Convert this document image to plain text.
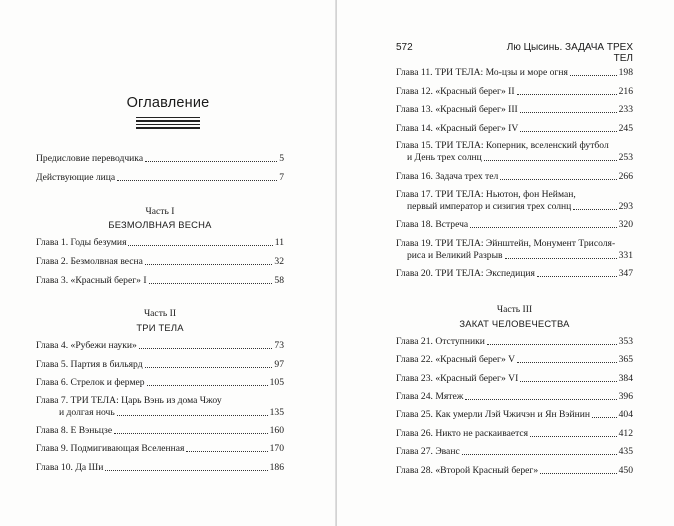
Оглавление
Предисловие переводчика	5
Действующие лица	7
Часть I
БЕЗМОЛВНАЯ ВЕСНА
Глава 1. Годы безумия	11
Глава 2. Безмолвная весна	32
Глава 3. «Красный берег» I	58
Часть II
ТРИ ТЕЛА
Глава 4. «Рубежи науки»	73
Глава 5. Партия в бильярд	97
Глава 6. Стрелок и фермер	105
Глава 7. ТРИ ТЕЛА: Царь Вэнь из дома Чжоу
и долгая ночь	135
Глава 8. Е Вэньцзе	160
Глава 9. Подмигивающая Вселенная	170
Глава 10. Да Ши	186
572	Лю Цысинь. ЗАДАЧА ТРЕХ ТЕЛ
Глава 11. ТРИ ТЕЛА: Мо-цзы и море огня	198
Глава 12. «Красный берег» II	216
Глава 13. «Красный берег» III	233
Глава 14. «Красный берег» IV	245
Глава 15. ТРИ ТЕЛА: Коперник, вселенский футбол
и День трех солнц	253
Глава 16. Задача трех тел	266
Глава 17. ТРИ ТЕЛА: Ньютон, фон Нейман,
первый император и сизигия трех солнц	293
Глава 18. Встреча	320
Глава 19. ТРИ ТЕЛА: Эйнштейн, Монумент Трисоля-
риса и Великий Разрыв	331
Глава 20. ТРИ ТЕЛА: Экспедиция	347
Часть III
ЗАКАТ ЧЕЛОВЕЧЕСТВА
Глава 21. Отступники	353
Глава 22. «Красный берег» V	365
Глава 23. «Красный берег» VI	384
Глава 24. Мятеж	396
Глава 25. Как умерли Лэй Чжичэн и Ян Вэйнин	404
Глава 26. Никто не раскаивается	412
Глава 27. Эванс	435
Глава 28. «Второй Красный берег»	450
